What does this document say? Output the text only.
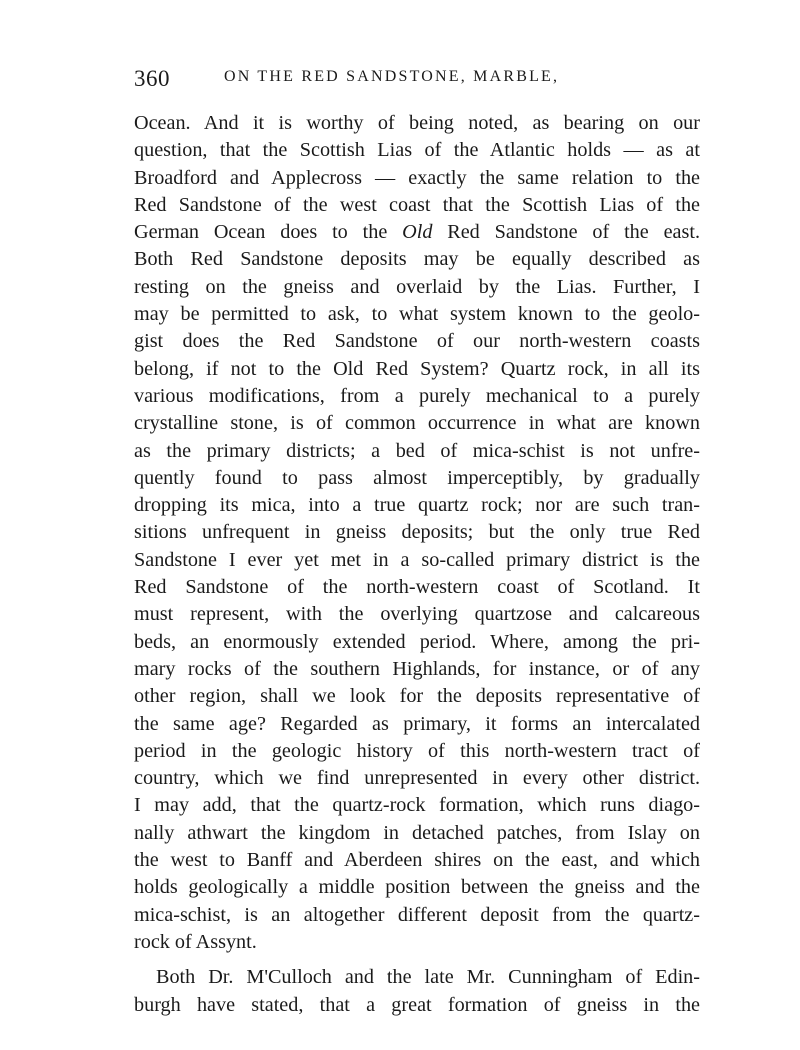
360	ON THE RED SANDSTONE, MARBLE,
Ocean. And it is worthy of being noted, as bearing on our
question, that the Scottish Lias of the Atlantic holds — as at
Broadford and Applecross — exactly the same relation to the
Red Sandstone of the west coast that the Scottish Lias of the
German Ocean does to the Old Red Sandstone of the east.
Both Red Sandstone deposits may be equally described as
resting on the gneiss and overlaid by the Lias. Further, I
may be permitted to ask, to what system known to the geolo-
gist does the Red Sandstone of our north-western coasts
belong, if not to the Old Red System? Quartz rock, in all its
various modifications, from a purely mechanical to a purely
crystalline stone, is of common occurrence in what are known
as the primary districts; a bed of mica-schist is not unfre-
quently found to pass almost imperceptibly, by gradually
dropping its mica, into a true quartz rock; nor are such tran-
sitions unfrequent in gneiss deposits; but the only true Red
Sandstone I ever yet met in a so-called primary district is the
Red Sandstone of the north-western coast of Scotland. It
must represent, with the overlying quartzose and calcareous
beds, an enormously extended period. Where, among the pri-
mary rocks of the southern Highlands, for instance, or of any
other region, shall we look for the deposits representative of
the same age? Regarded as primary, it forms an intercalated
period in the geologic history of this north-western tract of
country, which we find unrepresented in every other district.
I may add, that the quartz-rock formation, which runs diago-
nally athwart the kingdom in detached patches, from Islay on
the west to Banff and Aberdeen shires on the east, and which
holds geologically a middle position between the gneiss and the
mica-schist, is an altogether different deposit from the quartz-
rock of Assynt.
Both Dr. M'Culloch and the late Mr. Cunningham of Edin-
burgh have stated, that a great formation of gneiss in the
